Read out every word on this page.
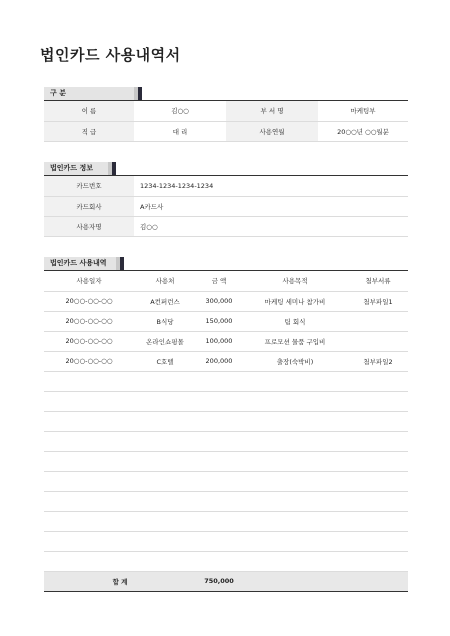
법인카드 사용내역서
구 분
이 름	김○○	부 서 명	마케팅부
직 급	대 리	사용연월	20○○년 ○○월분
법인카드 정보
카드번호	1234-1234-1234-1234
카드회사	A카드사
사용자명	김○○
법인카드 사용내역
사용일자	사용처	금 액	사용목적	첨부서류
20○○-○○-○○	A컨퍼런스	300,000	마케팅 세미나 참가비	첨부파일1
20○○-○○-○○	B식당	150,000	팀 회식	
20○○-○○-○○	온라인쇼핑몰	100,000	프로모션 물품 구입비	
20○○-○○-○○	C호텔	200,000	출장(숙박비)	첨부파일2

합 계		750,000		
